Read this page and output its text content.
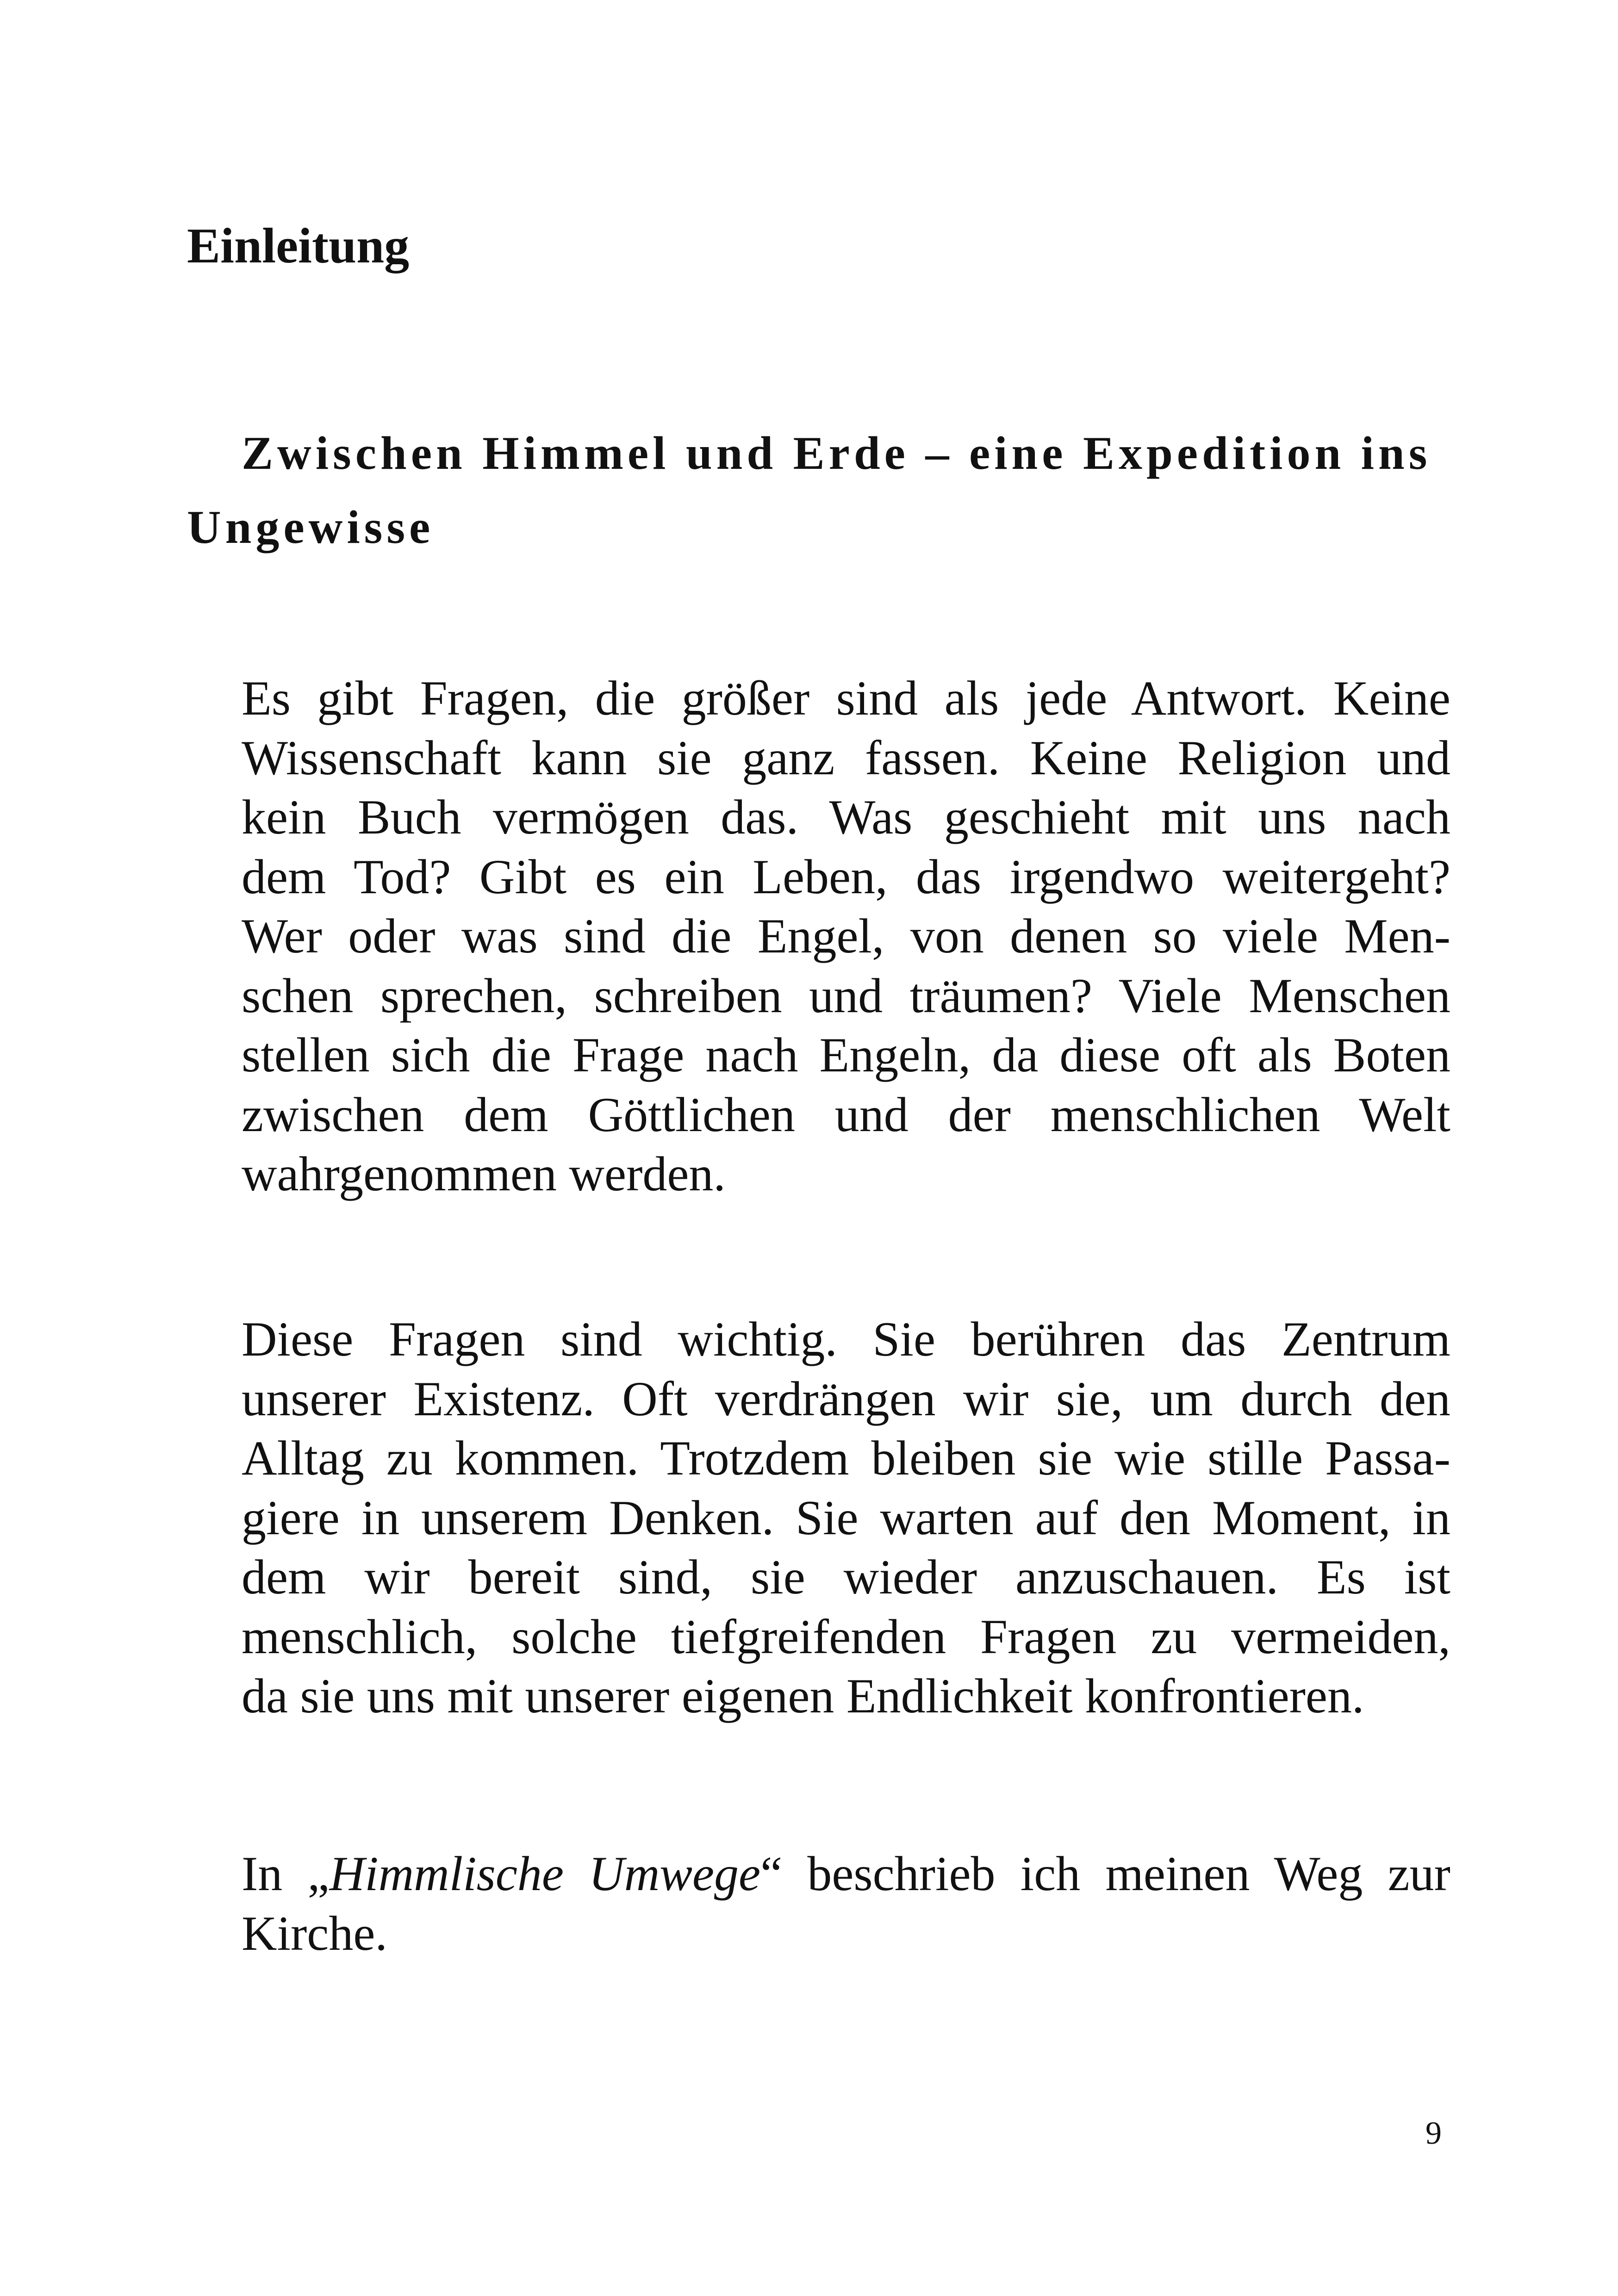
Einleitung
Zwischen Himmel und Erde – eine Expedition ins Ungewisse
Es gibt Fragen, die größer sind als jede Antwort. Keine
Wissenschaft kann sie ganz fassen. Keine Religion und
kein Buch vermögen das. Was geschieht mit uns nach
dem Tod? Gibt es ein Leben, das irgendwo weitergeht?
Wer oder was sind die Engel, von denen so viele Men-
schen sprechen, schreiben und träumen? Viele Menschen
stellen sich die Frage nach Engeln, da diese oft als Boten
zwischen dem Göttlichen und der menschlichen Welt
wahrgenommen werden.
Diese Fragen sind wichtig. Sie berühren das Zentrum
unserer Existenz. Oft verdrängen wir sie, um durch den
Alltag zu kommen. Trotzdem bleiben sie wie stille Passa-
giere in unserem Denken. Sie warten auf den Moment, in
dem wir bereit sind, sie wieder anzuschauen. Es ist
menschlich, solche tiefgreifenden Fragen zu vermeiden,
da sie uns mit unserer eigenen Endlichkeit konfrontieren.
In „Himmlische Umwege“ beschrieb ich meinen Weg zur
Kirche.
9
